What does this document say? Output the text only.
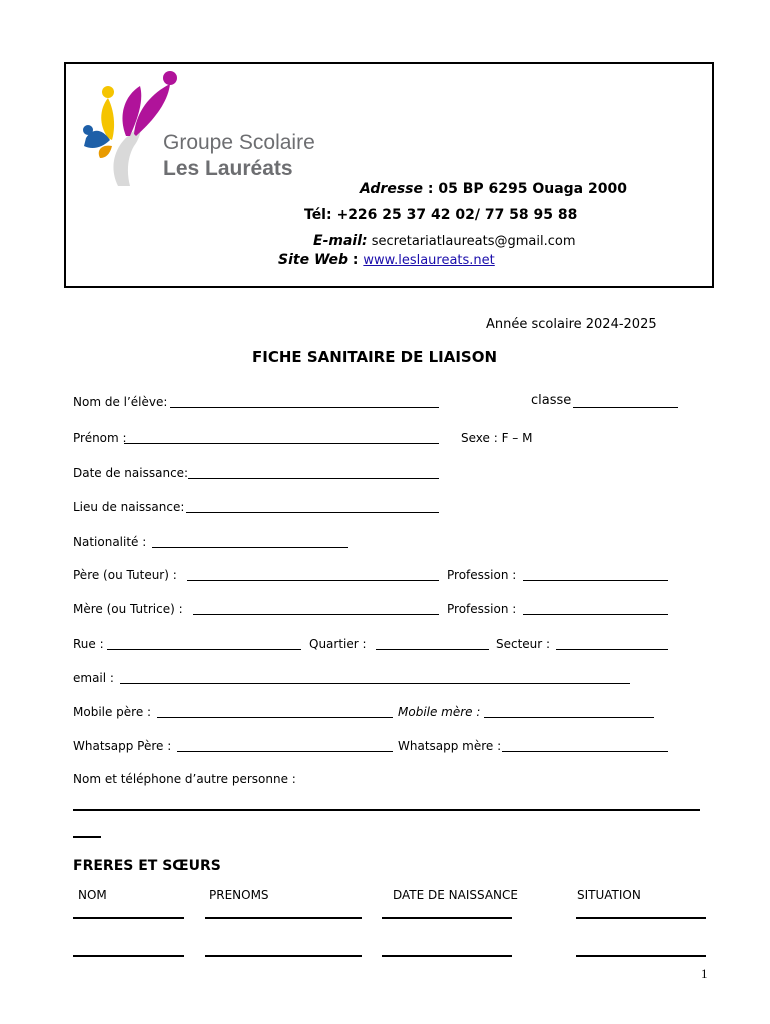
Groupe Scolaire
Les Lauréats
Adresse : 05 BP 6295 Ouaga 2000
Tél: +226 25 37 42 02/ 77 58 95 88
E-mail: secretariatlaureats@gmail.com
Site Web : www.leslaureats.net
Année scolaire 2024-2025
FICHE SANITAIRE DE LIAISON
Nom de l’élève:	classe
Prénom :	Sexe : F – M
Date de naissance:
Lieu de naissance:
Nationalité :
Père (ou Tuteur) :	Profession :
Mère (ou Tutrice) :	Profession :
Rue :	Quartier :	Secteur :
email :
Mobile père :	Mobile mère :
Whatsapp Père :	Whatsapp mère :
Nom et téléphone d’autre personne :
FRERES ET SŒURS
NOM	PRENOMS	DATE DE NAISSANCE	SITUATION
1
